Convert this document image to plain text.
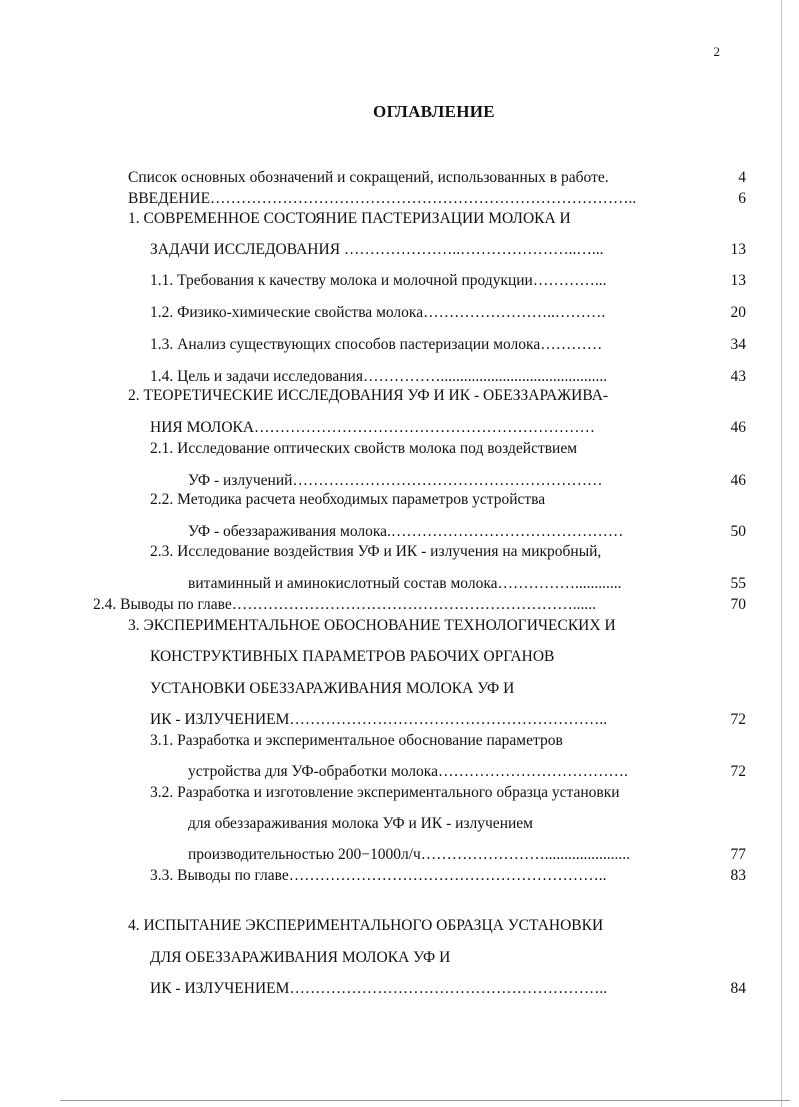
2
ОГЛАВЛЕНИЕ
Список основных обозначений и сокращений, использованных в работе.	4
ВВЕДЕНИЕ………………………………………………………………………..	6
1. СОВРЕМЕННОЕ СОСТОЯНИЕ ПАСТЕРИЗАЦИИ МОЛОКА И
ЗАДАЧИ ИССЛЕДОВАНИЯ …………………..…………………..…...	13
1.1. Требования к качеству молока и молочной продукции…………...	13
1.2. Физико-химические свойства молока……………………..……….	20
1.3. Анализ существующих способов пастеризации молока…………	34
1.4. Цель и задачи исследования……………...........................................	43
2. ТЕОРЕТИЧЕСКИЕ ИССЛЕДОВАНИЯ УФ И ИК - ОБЕЗЗАРАЖИВА-
НИЯ МОЛОКА…………………………………………………………	46
2.1. Исследование оптических свойств молока под воздействием
УФ - излучений……………………………………………………	46
2.2. Методика расчета необходимых параметров устройства
УФ - обеззараживания молока.………………………………………	50
2.3. Исследование воздействия УФ и ИК - излучения на микробный,
витаминный и аминокислотный состав молока……………............	55
2.4. Выводы по главе…………………………………………………………......	70
3. ЭКСПЕРИМЕНТАЛЬНОЕ ОБОСНОВАНИЕ ТЕХНОЛОГИЧЕСКИХ И
КОНСТРУКТИВНЫХ ПАРАМЕТРОВ РАБОЧИХ ОРГАНОВ
УСТАНОВКИ ОБЕЗЗАРАЖИВАНИЯ МОЛОКА УФ И
ИК - ИЗЛУЧЕНИЕМ……………………………………………………..	72
3.1. Разработка и экспериментальное обоснование параметров
устройства для УФ-обработки молока……………………………….	72
3.2. Разработка и изготовление экспериментального образца установки
для обеззараживания молока УФ и ИК - излучением
производительностью 200−1000л/ч……………………......................	77
3.3. Выводы по главе……………………………………………………..	83
4. ИСПЫТАНИЕ ЭКСПЕРИМЕНТАЛЬНОГО ОБРАЗЦА УСТАНОВКИ
ДЛЯ ОБЕЗЗАРАЖИВАНИЯ МОЛОКА УФ И
ИК - ИЗЛУЧЕНИЕМ……………………………………………………..	84
